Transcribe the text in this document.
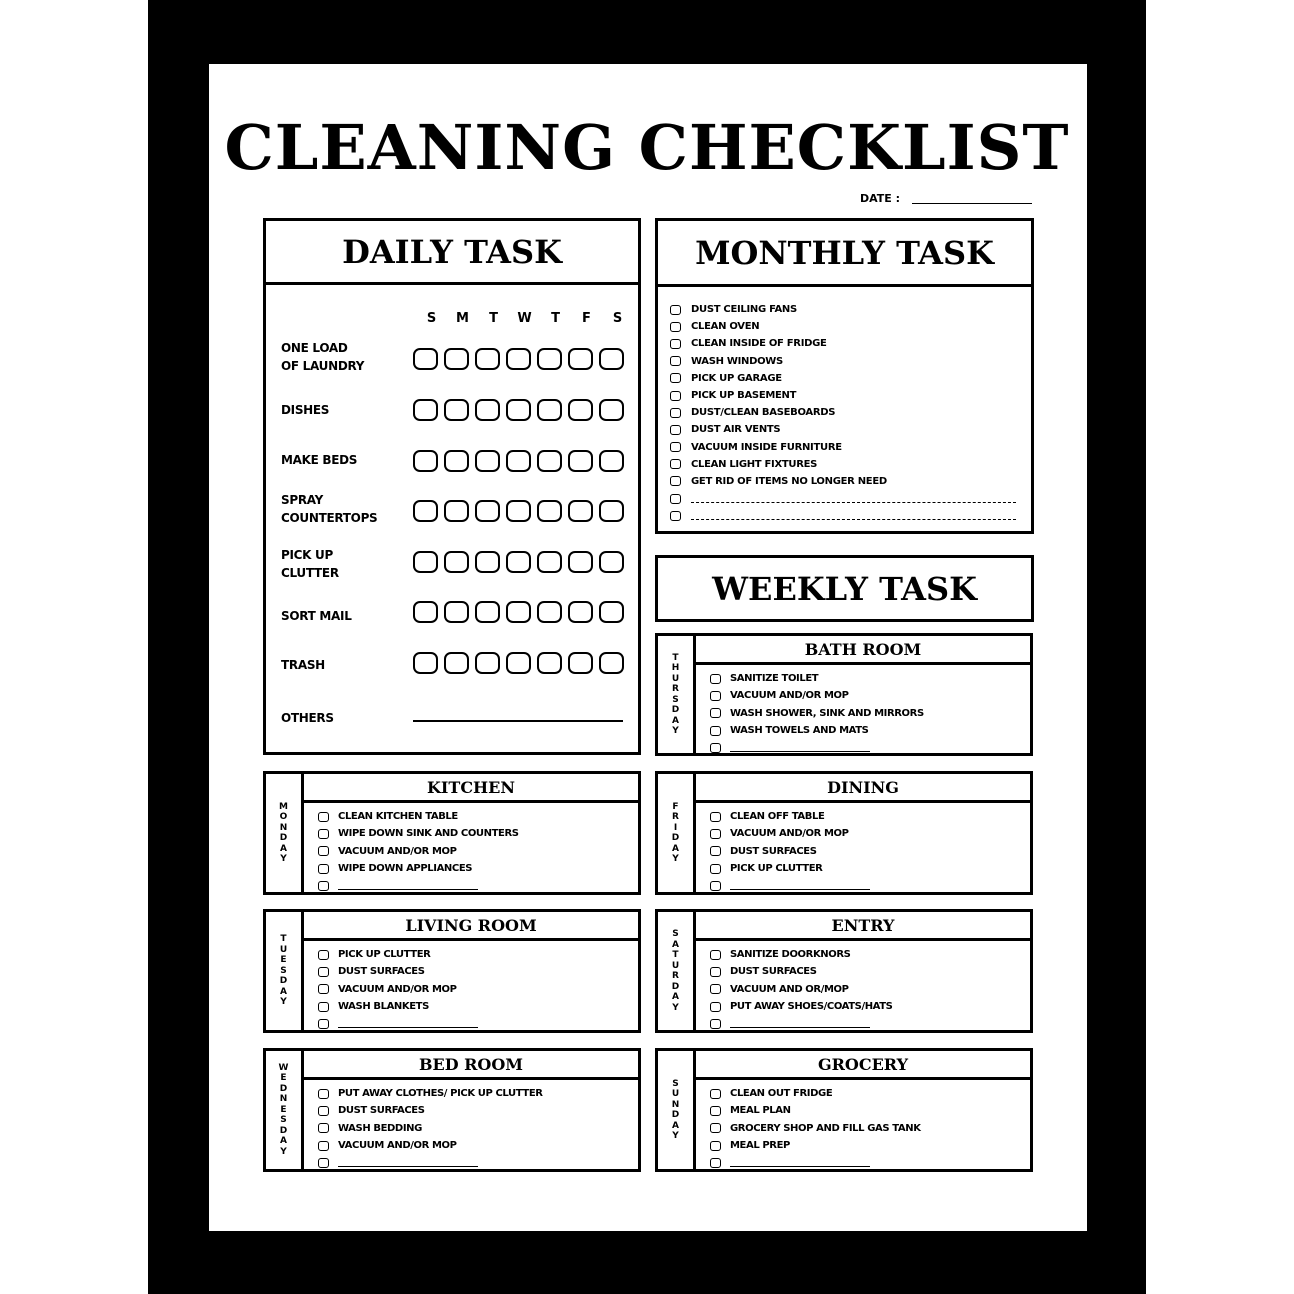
CLEANING CHECKLIST
DATE :
DAILY TASK
S	M	T	W	T	F	S
ONE LOAD
OF LAUNDRY
DISHES
MAKE BEDS
SPRAY
COUNTERTOPS
PICK UP
CLUTTER
SORT MAIL
TRASH
OTHERS
MONTHLY TASK
DUST CEILING FANS
CLEAN OVEN
CLEAN INSIDE OF FRIDGE
WASH WINDOWS
PICK UP GARAGE
PICK UP BASEMENT
DUST/CLEAN BASEBOARDS
DUST AIR VENTS
VACUUM INSIDE FURNITURE
CLEAN LIGHT FIXTURES
GET RID OF ITEMS NO LONGER NEED
WEEKLY TASK
THURSDAY
BATH ROOM
SANITIZE TOILET
VACUUM AND/OR MOP
WASH SHOWER, SINK AND MIRRORS
WASH TOWELS AND MATS
MONDAY
KITCHEN
CLEAN KITCHEN TABLE
WIPE DOWN SINK AND COUNTERS
VACUUM AND/OR MOP
WIPE DOWN APPLIANCES
FRIDAY
DINING
CLEAN OFF TABLE
VACUUM AND/OR MOP
DUST SURFACES
PICK UP CLUTTER
TUESDAY
LIVING ROOM
PICK UP CLUTTER
DUST SURFACES
VACUUM AND/OR MOP
WASH BLANKETS
SATURDAY
ENTRY
SANITIZE DOORKNORS
DUST SURFACES
VACUUM AND OR/MOP
PUT AWAY SHOES/COATS/HATS
WEDNESDAY
BED ROOM
PUT AWAY CLOTHES/ PICK UP CLUTTER
DUST SURFACES
WASH BEDDING
VACUUM AND/OR MOP
SUNDAY
GROCERY
CLEAN OUT FRIDGE
MEAL PLAN
GROCERY SHOP AND FILL GAS TANK
MEAL PREP
